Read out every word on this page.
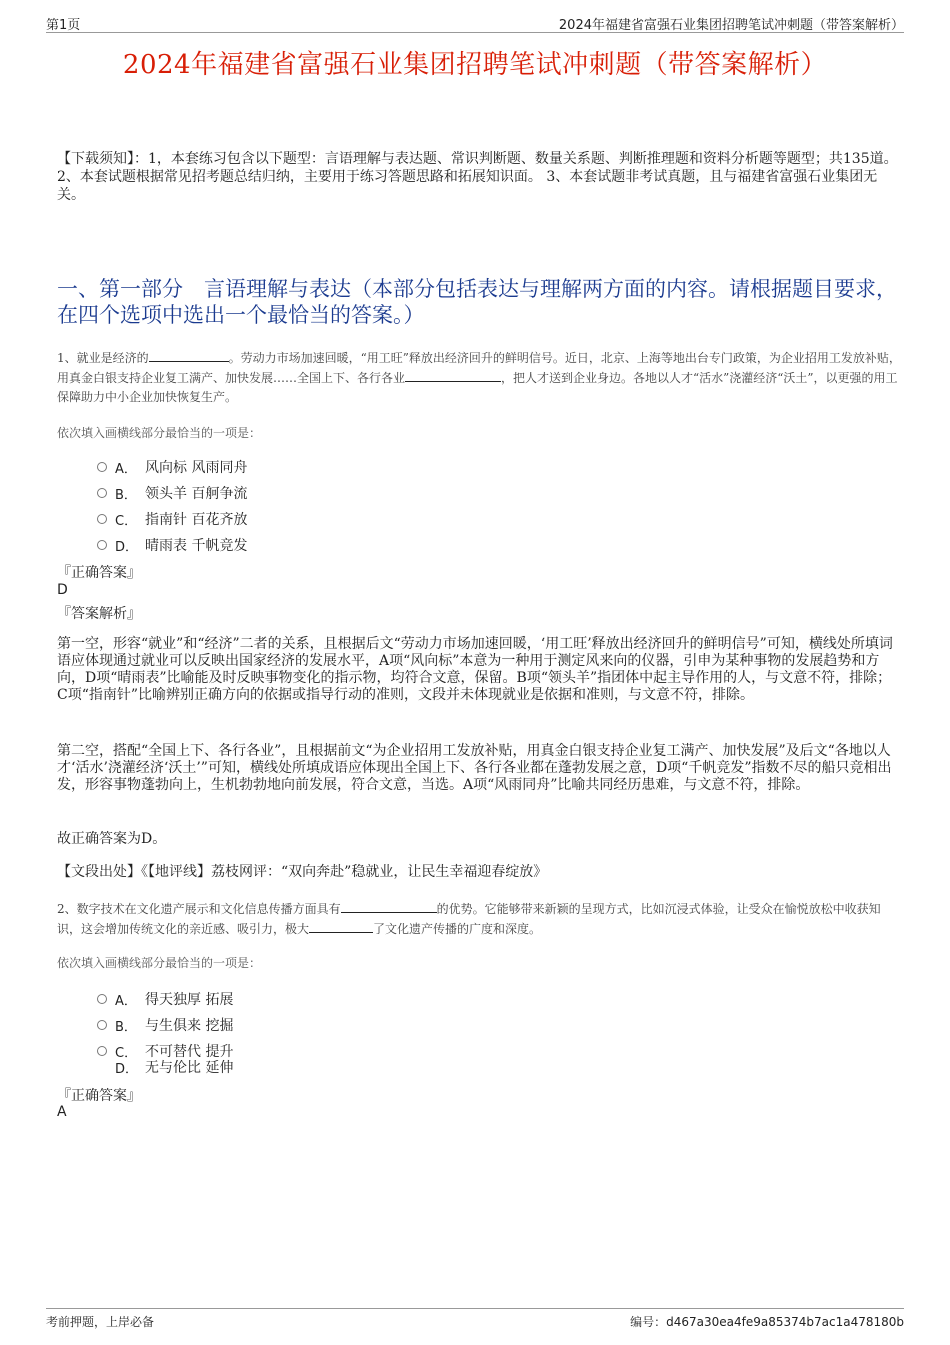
第1页	2024年福建省富强石业集团招聘笔试冲刺题（带答案解析）
2024年福建省富强石业集团招聘笔试冲刺题（带答案解析）
【下载须知】：1，本套练习包含以下题型：言语理解与表达题、常识判断题、数量关系题、判断推理题和资料分析题等题型；共135道。 2、本套试题根据常见招考题总结归纳，主要用于练习答题思路和拓展知识面。 3、本套试题非考试真题，且与福建省富强石业集团无关。
一、第一部分　言语理解与表达（本部分包括表达与理解两方面的内容。请根据题目要求，在四个选项中选出一个最恰当的答案。）
1、就业是经济的	。劳动力市场加速回暖，“用工旺”释放出经济回升的鲜明信号。近日，北京、上海等地出台专门政策，为企业招用工发放补贴，用真金白银支持企业复工满产、加快发展……全国上下、各行各业	，把人才送到企业身边。各地以人才“活水”浇灌经济“沃土”，以更强的用工保障助力中小企业加快恢复生产。
依次填入画横线部分最恰当的一项是：
A． 风向标 风雨同舟
B． 领头羊 百舸争流
C． 指南针 百花齐放
D． 晴雨表 千帆竞发
『正确答案』
D
『答案解析』
第一空，形容“就业”和“经济”二者的关系，且根据后文“劳动力市场加速回暖，‘用工旺’释放出经济回升的鲜明信号”可知，横线处所填词语应体现通过就业可以反映出国家经济的发展水平，A项“风向标”本意为一种用于测定风来向的仪器，引申为某种事物的发展趋势和方向，D项“晴雨表”比喻能及时反映事物变化的指示物，均符合文意，保留。B项“领头羊”指团体中起主导作用的人，与文意不符，排除；C项“指南针”比喻辨别正确方向的依据或指导行动的准则，文段并未体现就业是依据和准则，与文意不符，排除。
第二空，搭配“全国上下、各行各业”，且根据前文“为企业招用工发放补贴，用真金白银支持企业复工满产、加快发展”及后文“各地以人才‘活水’浇灌经济‘沃土’”可知，横线处所填成语应体现出全国上下、各行各业都在蓬勃发展之意，D项“千帆竞发”指数不尽的船只竞相出发，形容事物蓬勃向上，生机勃勃地向前发展，符合文意，当选。A项“风雨同舟”比喻共同经历患难，与文意不符，排除。
故正确答案为D。
【文段出处】《【地评线】荔枝网评：“双向奔赴”稳就业，让民生幸福迎春绽放》
2、数字技术在文化遗产展示和文化信息传播方面具有	的优势。它能够带来新颖的呈现方式，比如沉浸式体验，让受众在愉悦放松中收获知识，这会增加传统文化的亲近感、吸引力，极大	了文化遗产传播的广度和深度。
依次填入画横线部分最恰当的一项是：
A． 得天独厚 拓展
B． 与生俱来 挖掘
C． 不可替代 提升
D． 无与伦比 延伸
『正确答案』
A
考前押题，上岸必备	编号：d467a30ea4fe9a85374b7ac1a478180b
